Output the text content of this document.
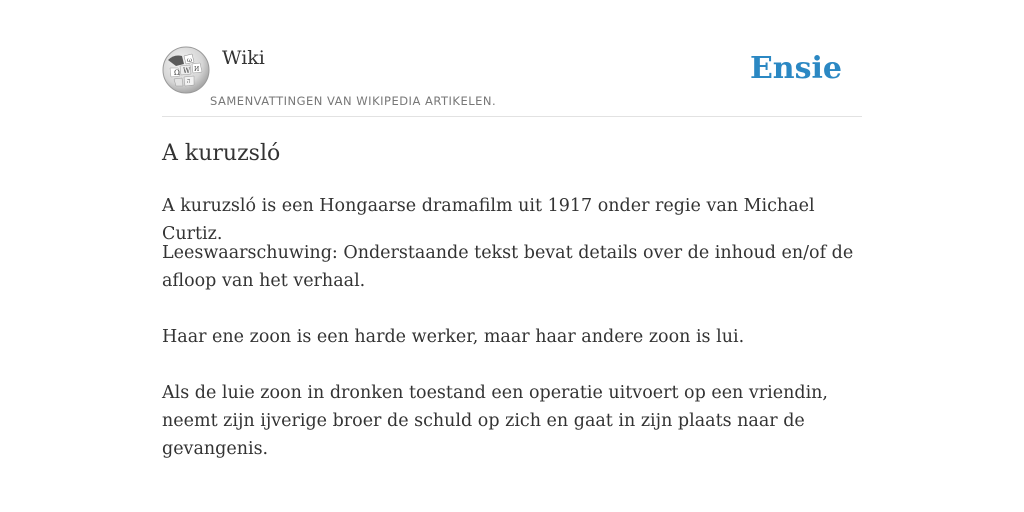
Ω W И
ω
ה
Wiki
SAMENVATTINGEN VAN WIKIPEDIA ARTIKELEN.
Ensie
A kuruzsló

A kuruzsló is een Hongaarse dramafilm uit 1917 onder regie van Michael Curtiz.

Leeswaarschuwing: Onderstaande tekst bevat details over de inhoud en/of de afloop van het verhaal.

Haar ene zoon is een harde werker, maar haar andere zoon is lui.

Als de luie zoon in dronken toestand een operatie uitvoert op een vriendin, neemt zijn ijverige broer de schuld op zich en gaat in zijn plaats naar de gevangenis.
